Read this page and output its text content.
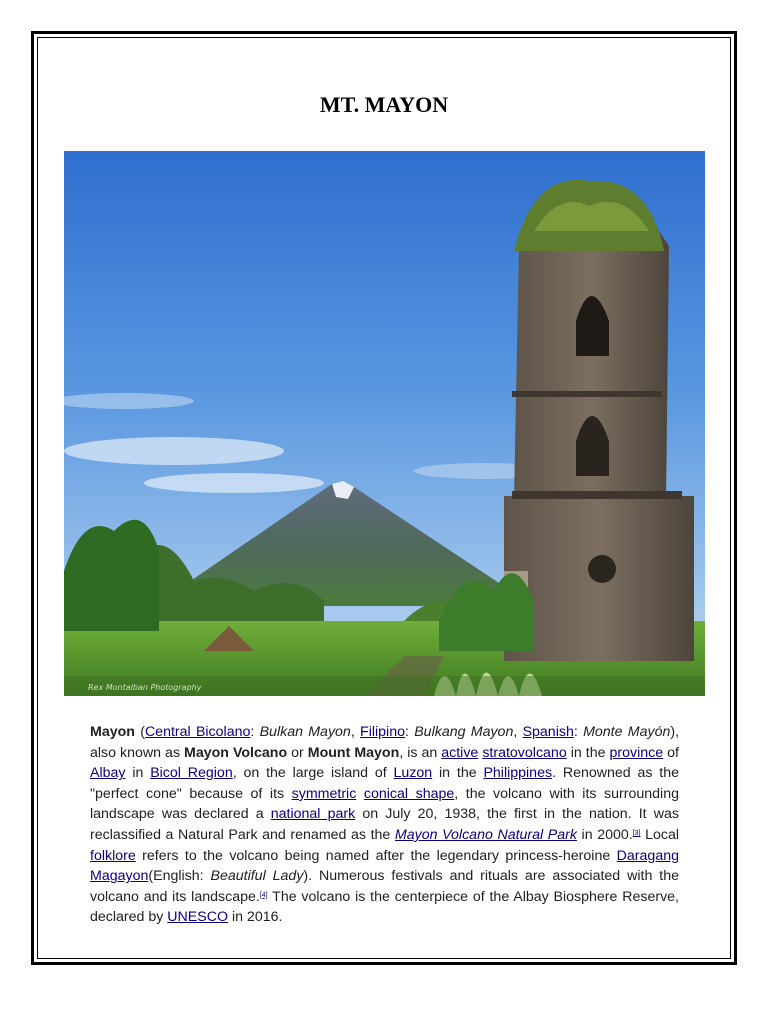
MT. MAYON
Rex Montalban Photography

Mayon (Central Bicolano: Bulkan Mayon, Filipino: Bulkang Mayon, Spanish: Monte Mayón), also known as Mayon Volcano or Mount Mayon, is an active stratovolcano in the province of Albay in Bicol Region, on the large island of Luzon in the Philippines. Renowned as the "perfect cone" because of its symmetric conical shape, the volcano with its surrounding landscape was declared a national park on July 20, 1938, the first in the nation. It was reclassified a Natural Park and renamed as the Mayon Volcano Natural Park in 2000.[3] Local folklore refers to the volcano being named after the legendary princess-heroine Daragang Magayon(English: Beautiful Lady). Numerous festivals and rituals are associated with the volcano and its landscape.[4] The volcano is the centerpiece of the Albay Biosphere Reserve, declared by UNESCO in 2016.
